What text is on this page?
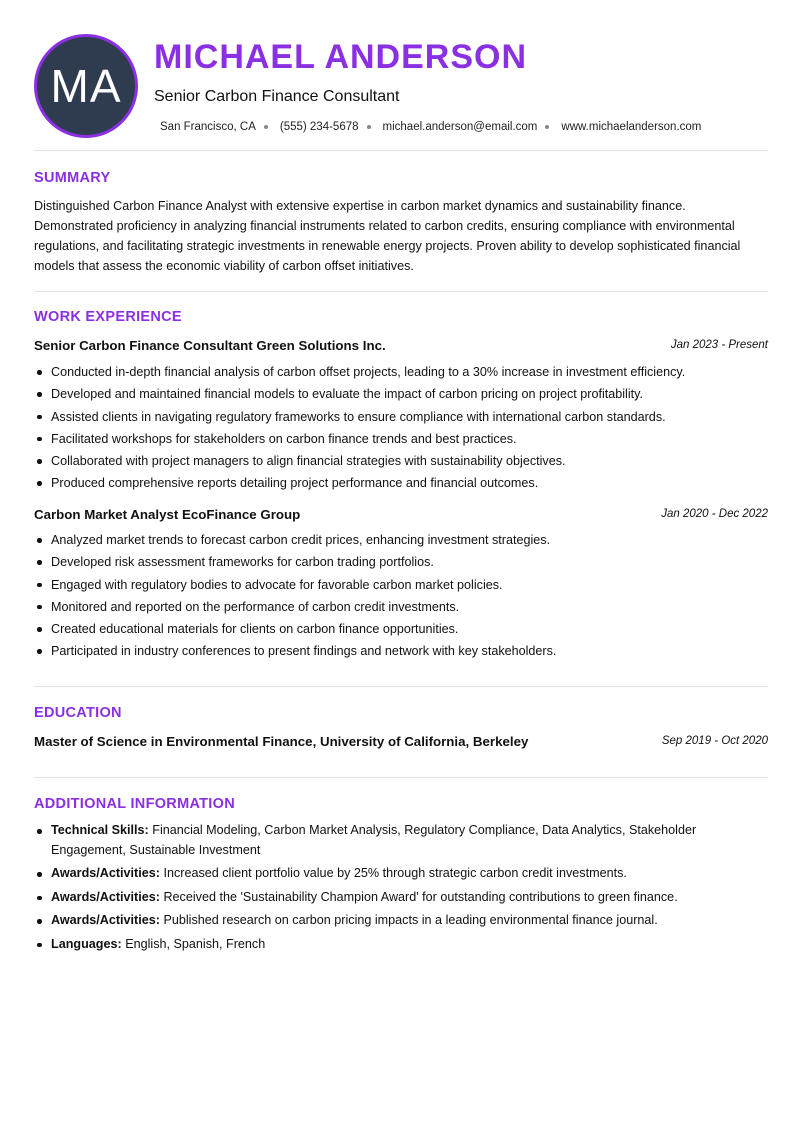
MA
MICHAEL ANDERSON
Senior Carbon Finance Consultant
San Francisco, CA (555) 234-5678 michael.anderson@email.com www.michaelanderson.com
SUMMARY
Distinguished Carbon Finance Analyst with extensive expertise in carbon market dynamics and sustainability finance. Demonstrated proficiency in analyzing financial instruments related to carbon credits, ensuring compliance with environmental regulations, and facilitating strategic investments in renewable energy projects. Proven ability to develop sophisticated financial models that assess the economic viability of carbon offset initiatives.
WORK EXPERIENCE
Senior Carbon Finance Consultant Green Solutions Inc.	Jan 2023 - Present
Conducted in-depth financial analysis of carbon offset projects, leading to a 30% increase in investment efficiency.
Developed and maintained financial models to evaluate the impact of carbon pricing on project profitability.
Assisted clients in navigating regulatory frameworks to ensure compliance with international carbon standards.
Facilitated workshops for stakeholders on carbon finance trends and best practices.
Collaborated with project managers to align financial strategies with sustainability objectives.
Produced comprehensive reports detailing project performance and financial outcomes.
Carbon Market Analyst EcoFinance Group	Jan 2020 - Dec 2022
Analyzed market trends to forecast carbon credit prices, enhancing investment strategies.
Developed risk assessment frameworks for carbon trading portfolios.
Engaged with regulatory bodies to advocate for favorable carbon market policies.
Monitored and reported on the performance of carbon credit investments.
Created educational materials for clients on carbon finance opportunities.
Participated in industry conferences to present findings and network with key stakeholders.
EDUCATION
Master of Science in Environmental Finance, University of California, Berkeley	Sep 2019 - Oct 2020
ADDITIONAL INFORMATION
Technical Skills: Financial Modeling, Carbon Market Analysis, Regulatory Compliance, Data Analytics, Stakeholder Engagement, Sustainable Investment
Awards/Activities: Increased client portfolio value by 25% through strategic carbon credit investments.
Awards/Activities: Received the 'Sustainability Champion Award' for outstanding contributions to green finance.
Awards/Activities: Published research on carbon pricing impacts in a leading environmental finance journal.
Languages: English, Spanish, French
